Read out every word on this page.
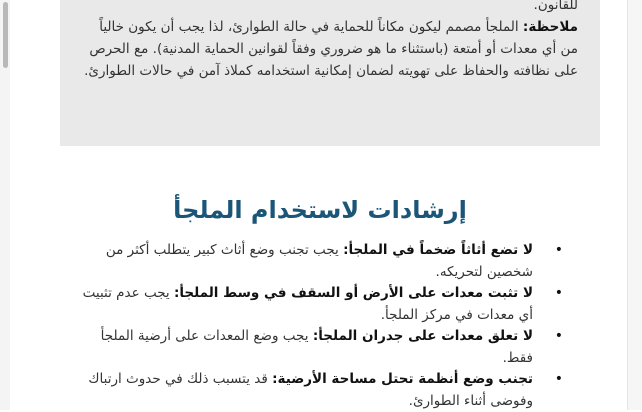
للقانون.
ملاحظة: الملجأ مصمم ليكون مكاناً للحماية في حالة الطوارئ، لذا يجب أن يكون خالياً من أي معدات أو أمتعة (باستثناء ما هو ضروري وفقاً لقوانين الحماية المدنية). مع الحرص على نظافته والحفاظ على تهويته لضمان إمكانية استخدامه كملاذ آمن في حالات الطوارئ.

إرشادات لاستخدام الملجأ
•
لا تضع أثاثاً ضخماً في الملجأ: يجب تجنب وضع أثاث كبير يتطلب أكثر من شخصين لتحريكه.
•
لا تثبت معدات على الأرض أو السقف في وسط الملجأ: يجب عدم تثبيت أي معدات في مركز الملجأ.
•
لا تعلق معدات على جدران الملجأ: يجب وضع المعدات على أرضية الملجأ فقط.
•
تجنب وضع أنظمة تحتل مساحة الأرضية: قد يتسبب ذلك في حدوث ارتباك وفوضى أثناء الطوارئ.
